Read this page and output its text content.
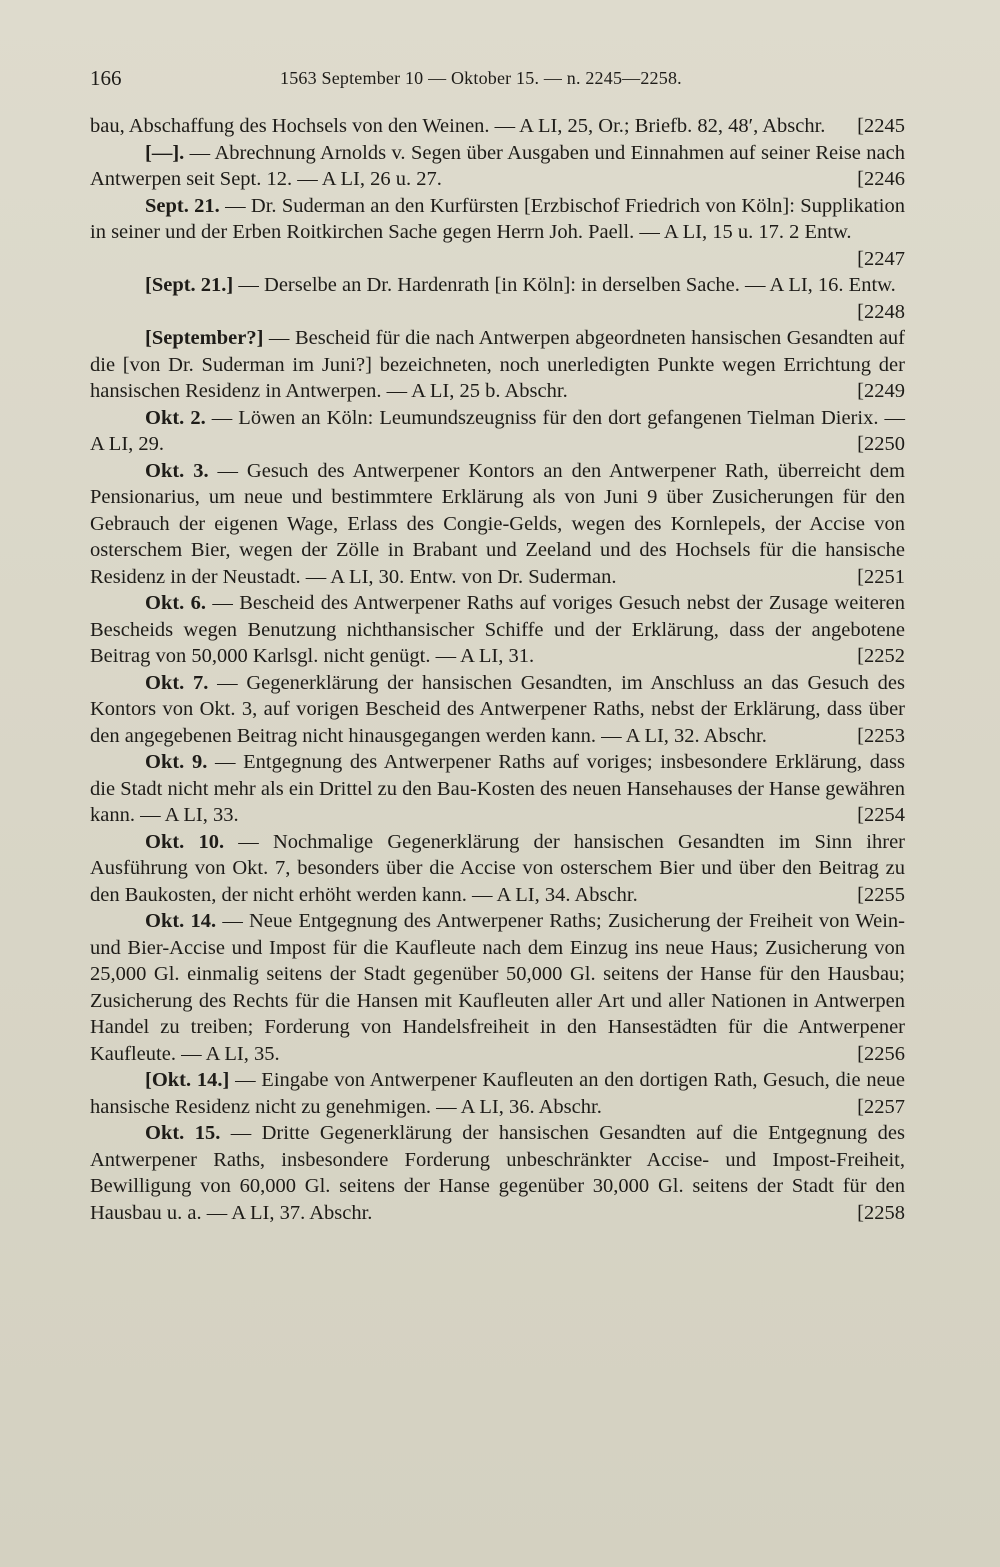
166	1563 September 10 — Oktober 15. — n. 2245—2258.

bau, Abschaffung des Hochsels von den Weinen. — A LI, 25, Or.; Briefb. 82, 48′, Abschr.	[2245

[—]. — Abrechnung Arnolds v. Segen über Ausgaben und Einnahmen auf seiner Reise nach Antwerpen seit Sept. 12. — A LI, 26 u. 27.	[2246

Sept. 21. — Dr. Suderman an den Kurfürsten [Erzbischof Friedrich von Köln]: Supplikation in seiner und der Erben Roitkirchen Sache gegen Herrn Joh. Paell. — A LI, 15 u. 17. 2 Entw.
[2247

[Sept. 21.] — Derselbe an Dr. Hardenrath [in Köln]: in derselben Sache. — A LI, 16. Entw.
[2248

[September?] — Bescheid für die nach Antwerpen abgeordneten hansischen Gesandten auf die [von Dr. Suderman im Juni?] bezeichneten, noch unerledigten Punkte wegen Errichtung der hansischen Residenz in Antwerpen. — A LI, 25 b. Abschr.	[2249

Okt. 2. — Löwen an Köln: Leumundszeugniss für den dort gefangenen Tielman Dierix. — A LI, 29.	[2250

Okt. 3. — Gesuch des Antwerpener Kontors an den Antwerpener Rath, überreicht dem Pensionarius, um neue und bestimmtere Erklärung als von Juni 9 über Zusicherungen für den Gebrauch der eigenen Wage, Erlass des Congie-Gelds, wegen des Kornlepels, der Accise von osterschem Bier, wegen der Zölle in Brabant und Zeeland und des Hochsels für die hansische Residenz in der Neustadt. — A LI, 30. Entw. von Dr. Suderman.	[2251

Okt. 6. — Bescheid des Antwerpener Raths auf voriges Gesuch nebst der Zusage weiteren Bescheids wegen Benutzung nichthansischer Schiffe und der Erklärung, dass der angebotene Beitrag von 50,000 Karlsgl. nicht genügt. — A LI, 31.	[2252

Okt. 7. — Gegenerklärung der hansischen Gesandten, im Anschluss an das Gesuch des Kontors von Okt. 3, auf vorigen Bescheid des Antwerpener Raths, nebst der Erklärung, dass über den angegebenen Beitrag nicht hinausgegangen werden kann. — A LI, 32. Abschr.	[2253

Okt. 9. — Entgegnung des Antwerpener Raths auf voriges; insbesondere Erklärung, dass die Stadt nicht mehr als ein Drittel zu den Bau-Kosten des neuen Hansehauses der Hanse gewähren kann. — A LI, 33.	[2254

Okt. 10. — Nochmalige Gegenerklärung der hansischen Gesandten im Sinn ihrer Ausführung von Okt. 7, besonders über die Accise von osterschem Bier und über den Beitrag zu den Baukosten, der nicht erhöht werden kann. — A LI, 34. Abschr.	[2255

Okt. 14. — Neue Entgegnung des Antwerpener Raths; Zusicherung der Freiheit von Wein- und Bier-Accise und Impost für die Kaufleute nach dem Einzug ins neue Haus; Zusicherung von 25,000 Gl. einmalig seitens der Stadt gegenüber 50,000 Gl. seitens der Hanse für den Hausbau; Zusicherung des Rechts für die Hansen mit Kaufleuten aller Art und aller Nationen in Antwerpen Handel zu treiben; Forderung von Handelsfreiheit in den Hansestädten für die Antwerpener Kaufleute. — A LI, 35.	[2256

[Okt. 14.] — Eingabe von Antwerpener Kaufleuten an den dortigen Rath, Gesuch, die neue hansische Residenz nicht zu genehmigen. — A LI, 36. Abschr.	[2257

Okt. 15. — Dritte Gegenerklärung der hansischen Gesandten auf die Entgegnung des Antwerpener Raths, insbesondere Forderung unbeschränkter Accise- und Impost-Freiheit, Bewilligung von 60,000 Gl. seitens der Hanse gegenüber 30,000 Gl. seitens der Stadt für den Hausbau u. a. — A LI, 37. Abschr.	[2258
